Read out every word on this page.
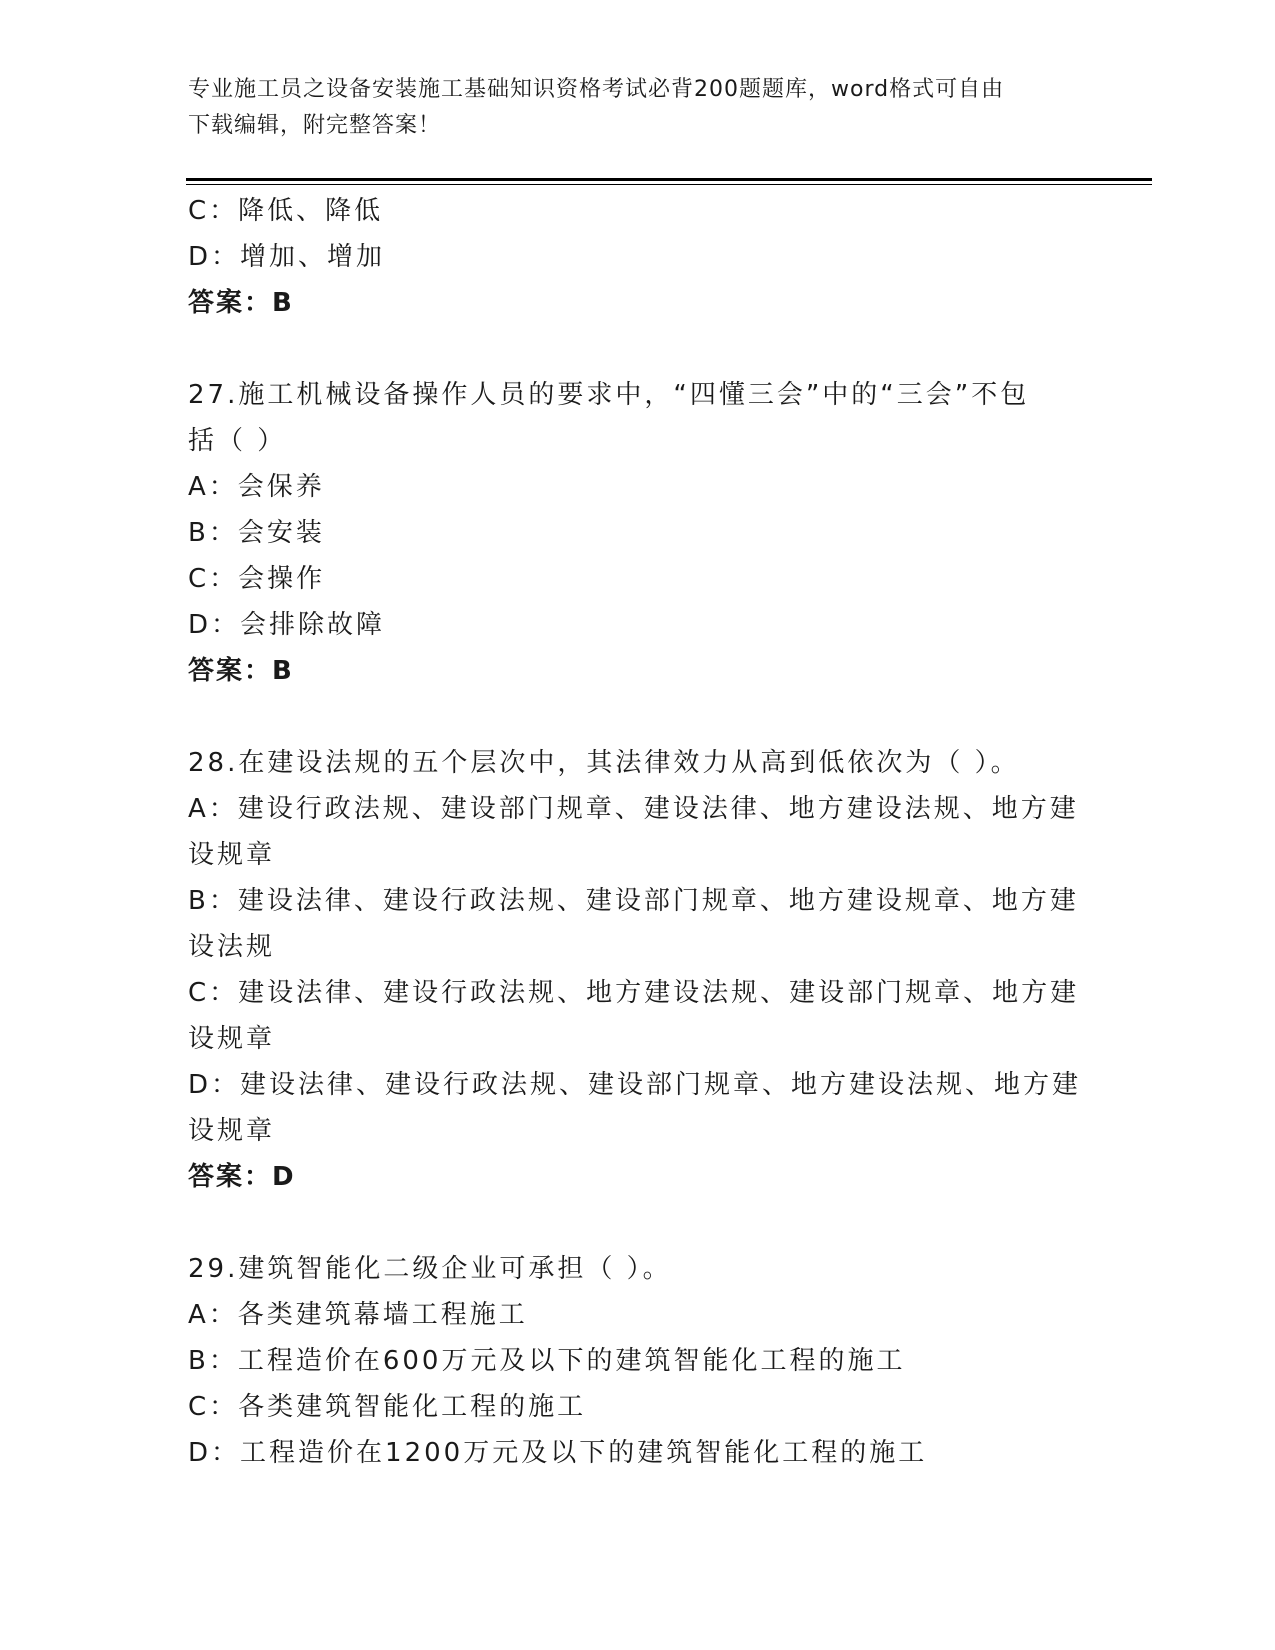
专业施工员之设备安装施工基础知识资格考试必背200题题库，word格式可自由
下载编辑，附完整答案！
C：降低、降低
D：增加、增加
答案：B
27.施工机械设备操作人员的要求中，“四懂三会”中的“三会”不包
括（ ）
A：会保养
B：会安装
C：会操作
D：会排除故障
答案：B
28.在建设法规的五个层次中，其法律效力从高到低依次为（ ）。
A：建设行政法规、建设部门规章、建设法律、地方建设法规、地方建
设规章
B：建设法律、建设行政法规、建设部门规章、地方建设规章、地方建
设法规
C：建设法律、建设行政法规、地方建设法规、建设部门规章、地方建
设规章
D：建设法律、建设行政法规、建设部门规章、地方建设法规、地方建
设规章
答案：D
29.建筑智能化二级企业可承担（ ）。
A：各类建筑幕墙工程施工
B：工程造价在600万元及以下的建筑智能化工程的施工
C：各类建筑智能化工程的施工
D：工程造价在1200万元及以下的建筑智能化工程的施工
